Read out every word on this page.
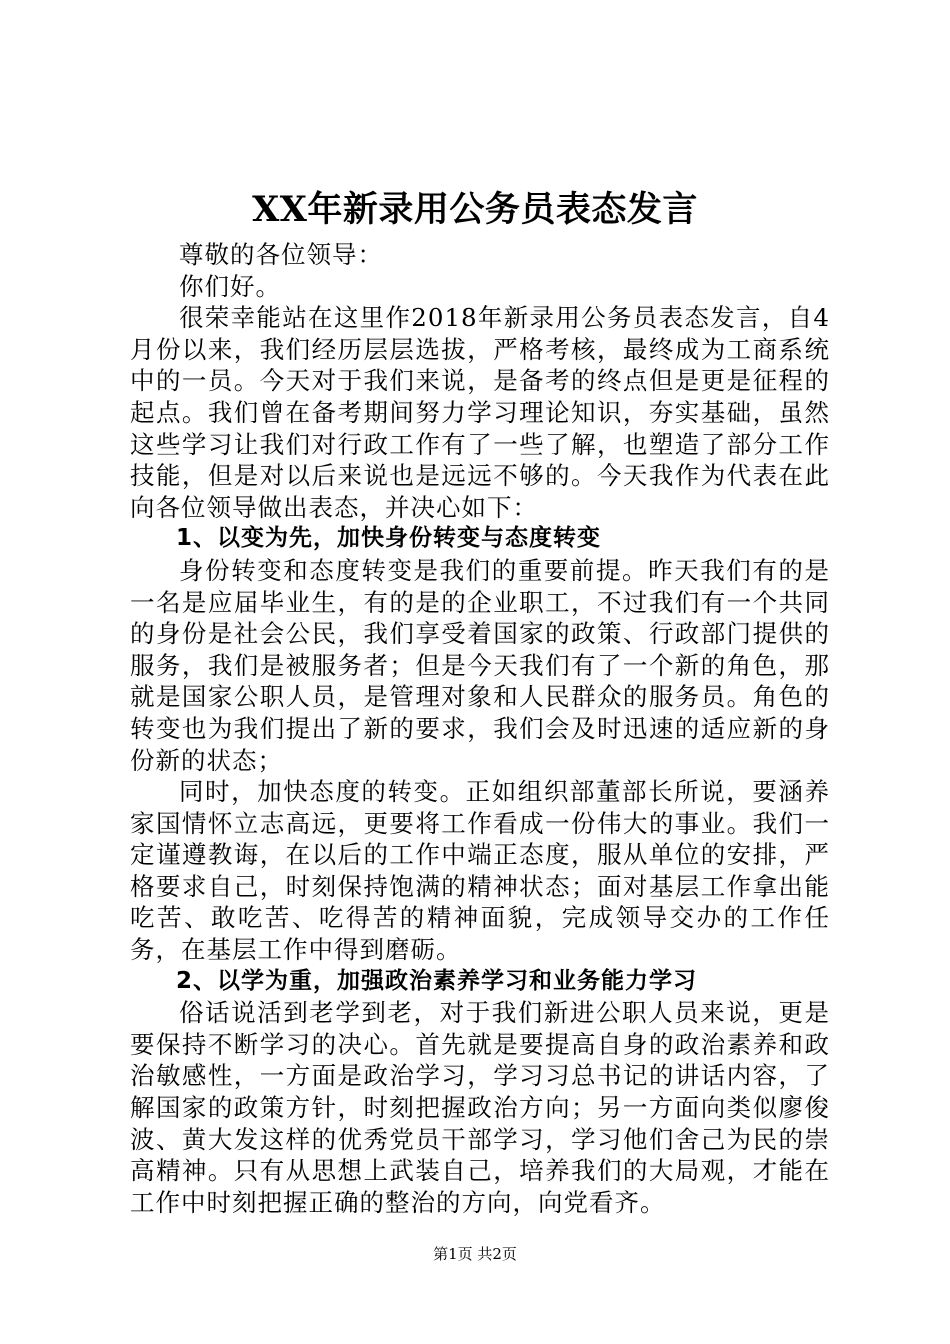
XX年新录用公务员表态发言

尊敬的各位领导：

你们好。

很荣幸能站在这里作2018年新录用公务员表态发言，自4月份以来，我们经历层层选拔，严格考核，最终成为工商系统中的一员。今天对于我们来说，是备考的终点但是更是征程的起点。我们曾在备考期间努力学习理论知识，夯实基础，虽然这些学习让我们对行政工作有了一些了解，也塑造了部分工作技能，但是对以后来说也是远远不够的。今天我作为代表在此向各位领导做出表态，并决心如下：

1、以变为先，加快身份转变与态度转变

身份转变和态度转变是我们的重要前提。昨天我们有的是一名是应届毕业生，有的是的企业职工，不过我们有一个共同的身份是社会公民，我们享受着国家的政策、行政部门提供的服务，我们是被服务者；但是今天我们有了一个新的角色，那就是国家公职人员，是管理对象和人民群众的服务员。角色的转变也为我们提出了新的要求，我们会及时迅速的适应新的身份新的状态；

同时，加快态度的转变。正如组织部董部长所说，要涵养家国情怀立志高远，更要将工作看成一份伟大的事业。我们一定谨遵教诲，在以后的工作中端正态度，服从单位的安排，严格要求自己，时刻保持饱满的精神状态；面对基层工作拿出能吃苦、敢吃苦、吃得苦的精神面貌，完成领导交办的工作任务，在基层工作中得到磨砺。

2、以学为重，加强政治素养学习和业务能力学习

俗话说活到老学到老，对于我们新进公职人员来说，更是要保持不断学习的决心。首先就是要提高自身的政治素养和政治敏感性，一方面是政治学习，学习习总书记的讲话内容，了解国家的政策方针，时刻把握政治方向；另一方面向类似廖俊波、黄大发这样的优秀党员干部学习，学习他们舍己为民的崇高精神。只有从思想上武装自己，培养我们的大局观，才能在工作中时刻把握正确的整治的方向，向党看齐。

第1页 共2页
